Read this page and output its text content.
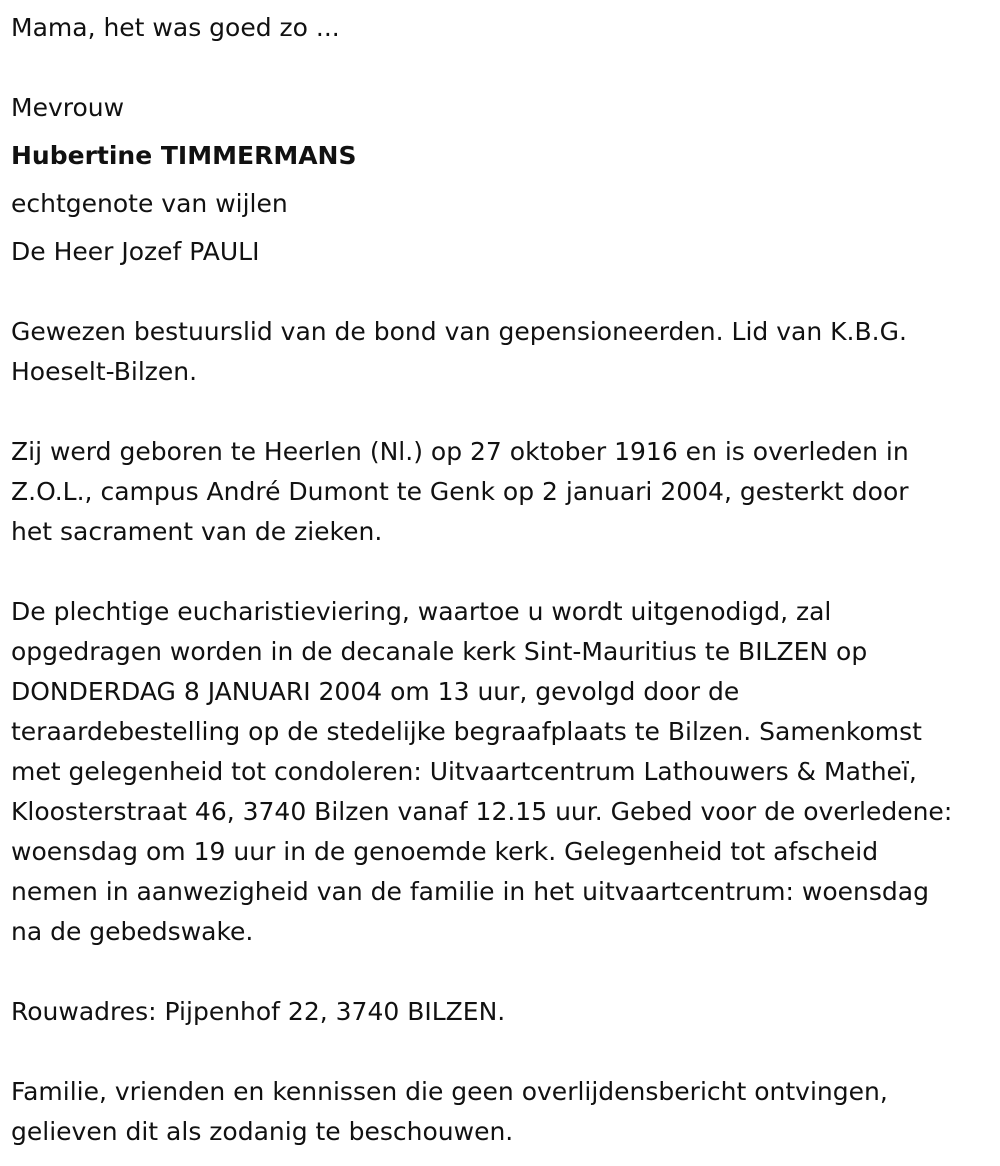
Mama, het was goed zo ...

Mevrouw

Hubertine TIMMERMANS

echtgenote van wijlen

De Heer Jozef PAULI

Gewezen bestuurslid van de bond van gepensioneerden. Lid van K.B.G.

Hoeselt-Bilzen.

Zij werd geboren te Heerlen (Nl.) op 27 oktober 1916 en is overleden in

Z.O.L., campus André Dumont te Genk op 2 januari 2004, gesterkt door

het sacrament van de zieken.

De plechtige eucharistieviering, waartoe u wordt uitgenodigd, zal

opgedragen worden in de decanale kerk Sint-Mauritius te BILZEN op

DONDERDAG 8 JANUARI 2004 om 13 uur, gevolgd door de

teraardebestelling op de stedelijke begraafplaats te Bilzen. Samenkomst

met gelegenheid tot condoleren: Uitvaartcentrum Lathouwers & Matheï,

Kloosterstraat 46, 3740 Bilzen vanaf 12.15 uur. Gebed voor de overledene:

woensdag om 19 uur in de genoemde kerk. Gelegenheid tot afscheid

nemen in aanwezigheid van de familie in het uitvaartcentrum: woensdag

na de gebedswake.

Rouwadres: Pijpenhof 22, 3740 BILZEN.

Familie, vrienden en kennissen die geen overlijdensbericht ontvingen,

gelieven dit als zodanig te beschouwen.
